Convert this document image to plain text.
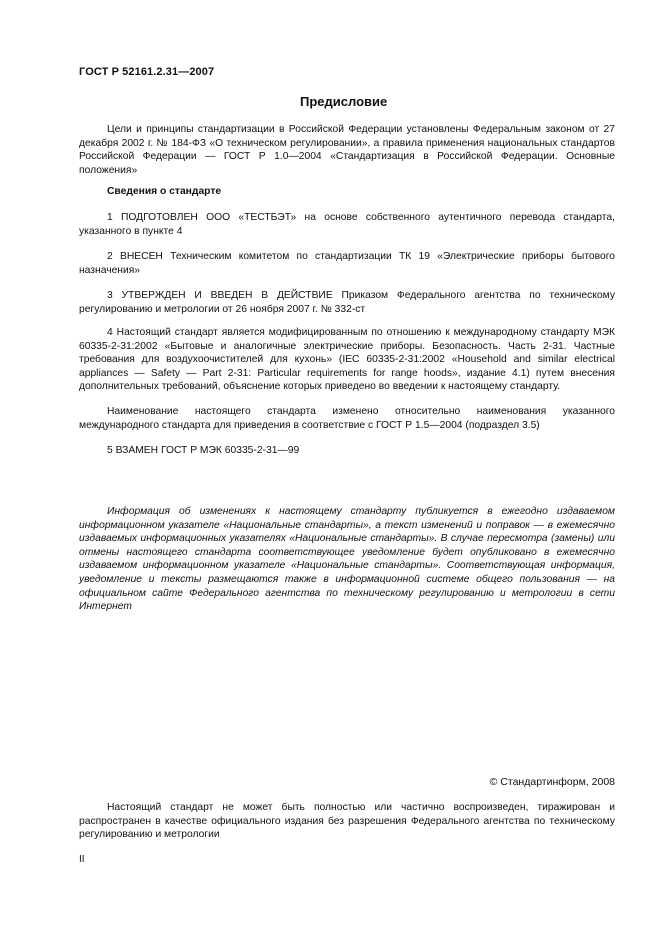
ГОСТ Р 52161.2.31—2007
Предисловие
Цели и принципы стандартизации в Российской Федерации установлены Федеральным законом от 27 декабря 2002 г. № 184-ФЗ «О техническом регулировании», а правила применения национальных стандартов Российской Федерации — ГОСТ Р 1.0—2004 «Стандартизация в Российской Федерации. Основные положения»
Сведения о стандарте
1 ПОДГОТОВЛЕН ООО «ТЕСТБЭТ» на основе собственного аутентичного перевода стандарта, указанного в пункте 4
2 ВНЕСЕН Техническим комитетом по стандартизации ТК 19 «Электрические приборы бытового назначения»
3 УТВЕРЖДЕН И ВВЕДЕН В ДЕЙСТВИЕ Приказом Федерального агентства по техническому регулированию и метрологии от 26 ноября 2007 г. № 332-ст
4 Настоящий стандарт является модифицированным по отношению к международному стандарту МЭК 60335-2-31:2002 «Бытовые и аналогичные электрические приборы. Безопасность. Часть 2-31. Частные требования для воздухоочистителей для кухонь» (IEC 60335-2-31:2002 «Household and similar electrical appliances — Safety — Part 2-31: Particular requirements for range hoods», издание 4.1) путем внесения дополнительных требований, объяснение которых приведено во введении к настоящему стандарту.
Наименование настоящего стандарта изменено относительно наименования указанного международного стандарта для приведения в соответствие с ГОСТ Р 1.5—2004 (подраздел 3.5)
5 ВЗАМЕН ГОСТ Р МЭК 60335-2-31—99
Информация об изменениях к настоящему стандарту публикуется в ежегодно издаваемом информационном указателе «Национальные стандарты», а текст изменений и поправок — в ежемесячно издаваемых информационных указателях «Национальные стандарты». В случае пересмотра (замены) или отмены настоящего стандарта соответствующее уведомление будет опубликовано в ежемесячно издаваемом информационном указателе «Национальные стандарты». Соответствующая информация, уведомление и тексты размещаются также в информационной системе общего пользования — на официальном сайте Федерального агентства по техническому регулированию и метрологии в сети Интернет
© Стандартинформ, 2008
Настоящий стандарт не может быть полностью или частично воспроизведен, тиражирован и распространен в качестве официального издания без разрешения Федерального агентства по техническому регулированию и метрологии
II
